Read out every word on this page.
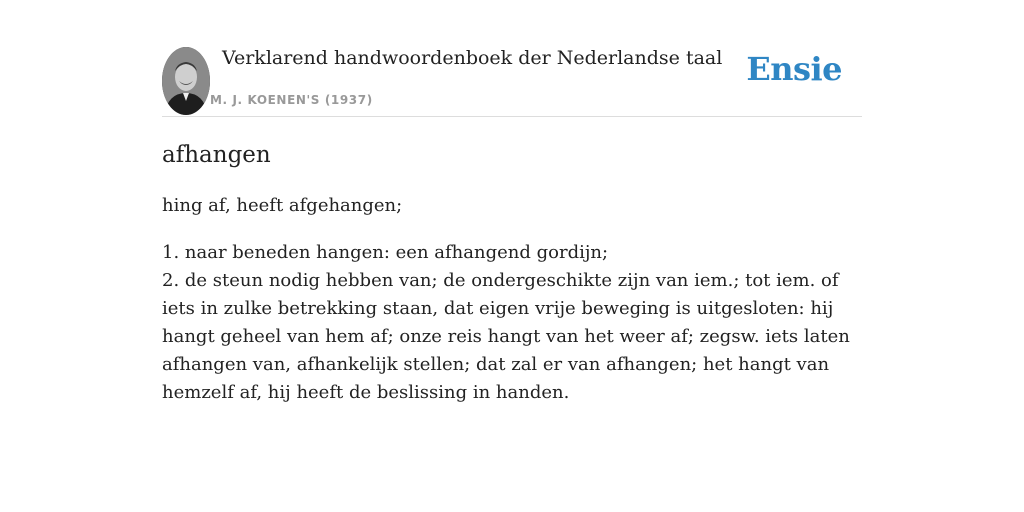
Verklarend handwoordenboek der Nederlandse taal
M. J. KOENEN'S (1937)
Ensie
afhangen

hing af, heeft afgehangen;

1. naar beneden hangen: een afhangend gordijn;
2. de steun nodig hebben van; de ondergeschikte zijn van iem.; tot iem. of iets in zulke betrekking staan, dat eigen vrije beweging is uitgesloten: hij hangt geheel van hem af; onze reis hangt van het weer af; zegsw. iets laten afhangen van, afhankelijk stellen; dat zal er van afhangen; het hangt van hemzelf af, hij heeft de beslissing in handen.
